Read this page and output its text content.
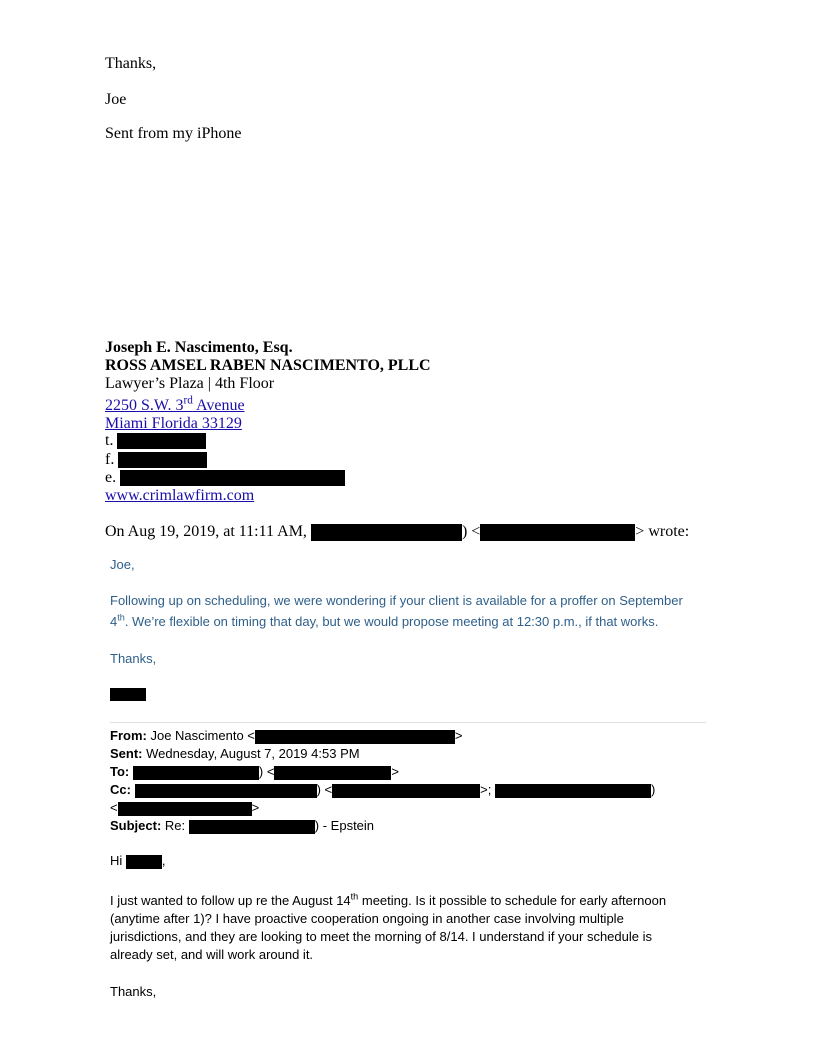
Thanks,
Joe
Sent from my iPhone
Joseph E. Nascimento, Esq.
ROSS AMSEL RABEN NASCIMENTO, PLLC
Lawyer’s Plaza | 4th Floor
2250 S.W. 3rd Avenue
Miami Florida 33129
t.
f.
e.
www.crimlawfirm.com
On Aug 19, 2019, at 11:11 AM,	) <	> wrote:
Joe,
Following up on scheduling, we were wondering if your client is available for a proffer on September
4th. We’re flexible on timing that day, but we would propose meeting at 12:30 p.m., if that works.
Thanks,
From: Joe Nascimento <	>
Sent: Wednesday, August 7, 2019 4:53 PM
To:	) <	>
Cc:	) <	>;	)
<	>
Subject: Re:	) - Epstein
Hi	,
I just wanted to follow up re the August 14th meeting. Is it possible to schedule for early afternoon
(anytime after 1)? I have proactive cooperation ongoing in another case involving multiple
jurisdictions, and they are looking to meet the morning of 8/14. I understand if your schedule is
already set, and will work around it.
Thanks,
